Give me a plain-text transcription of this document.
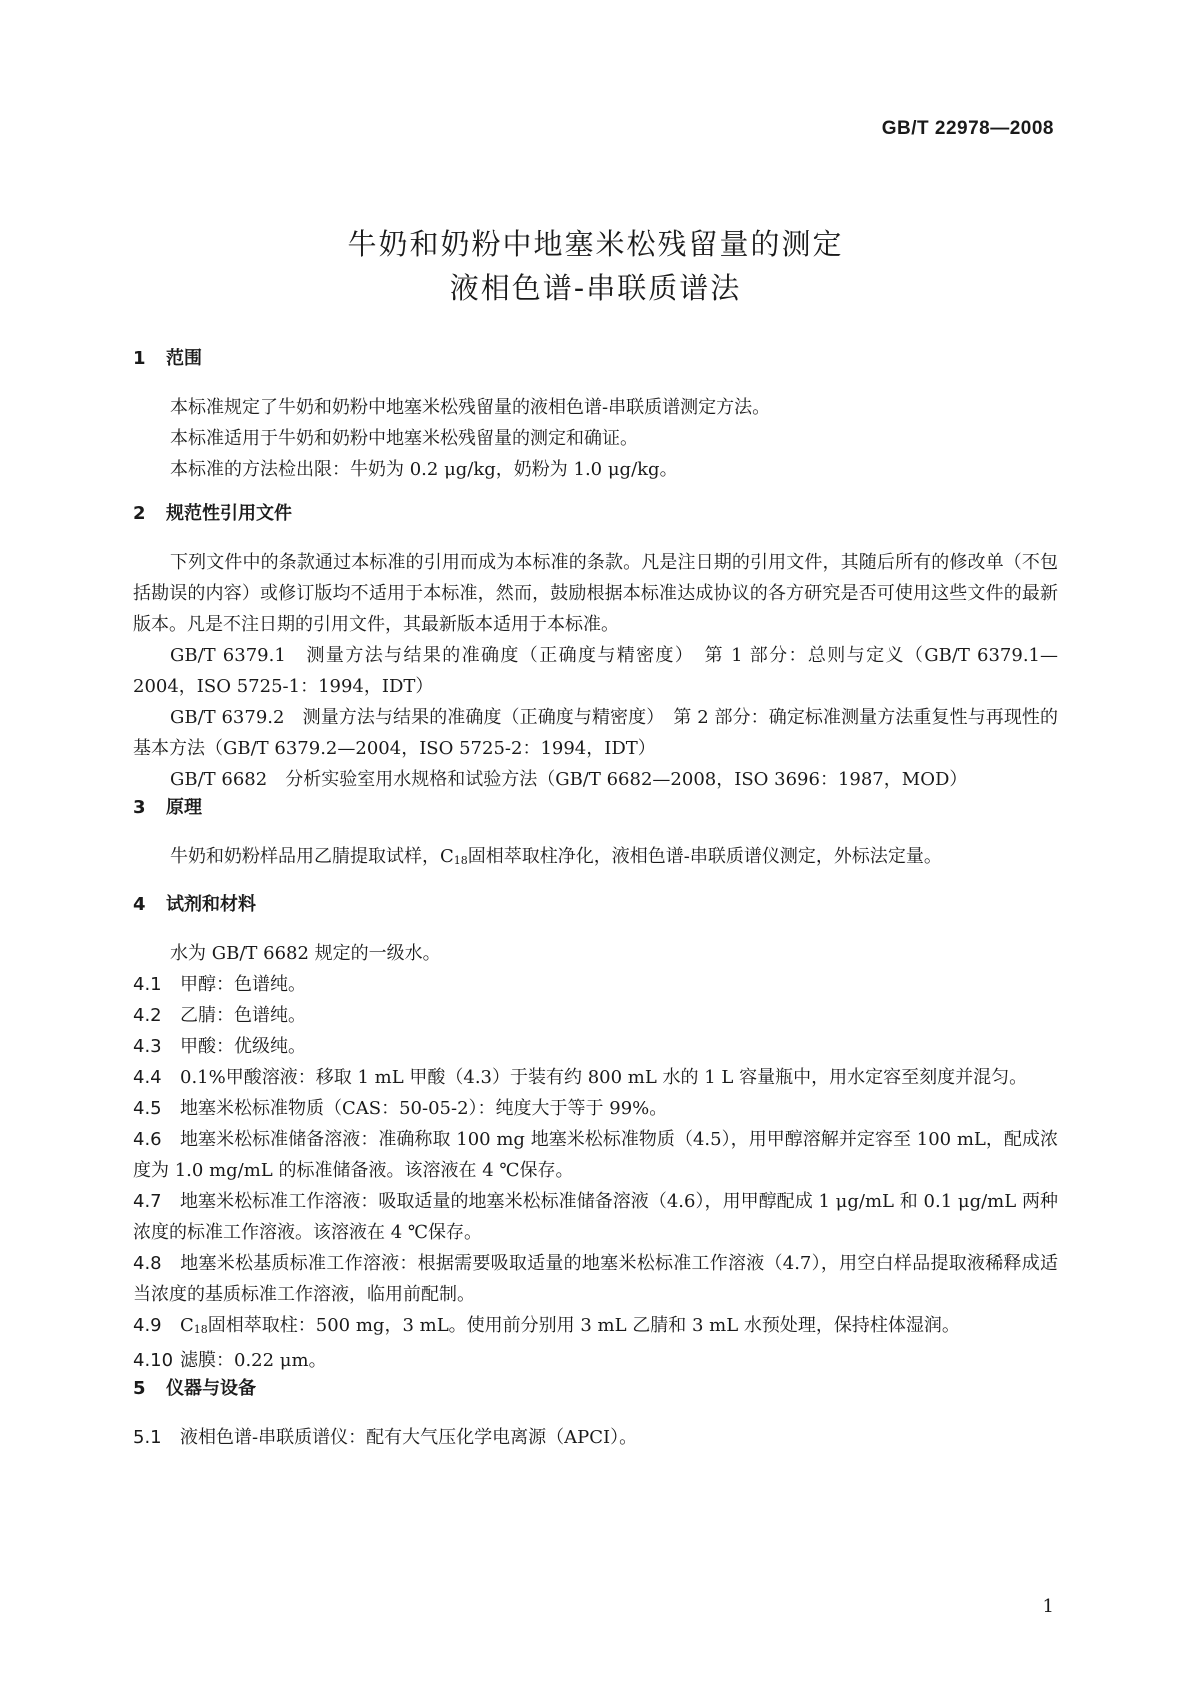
GB/T 22978—2008
牛奶和奶粉中地塞米松残留量的测定
液相色谱-串联质谱法
1 范围

本标准规定了牛奶和奶粉中地塞米松残留量的液相色谱-串联质谱测定方法。

本标准适用于牛奶和奶粉中地塞米松残留量的测定和确证。

本标准的方法检出限：牛奶为 0.2 μg/kg，奶粉为 1.0 μg/kg。

2 规范性引用文件

下列文件中的条款通过本标准的引用而成为本标准的条款。凡是注日期的引用文件，其随后所有的修改单（不包括勘误的内容）或修订版均不适用于本标准，然而，鼓励根据本标准达成协议的各方研究是否可使用这些文件的最新版本。凡是不注日期的引用文件，其最新版本适用于本标准。

GB/T 6379.1　测量方法与结果的准确度（正确度与精密度）　第 1 部分：总则与定义（GB/T 6379.1—2004，ISO 5725-1：1994，IDT）

GB/T 6379.2　测量方法与结果的准确度（正确度与精密度）　第 2 部分：确定标准测量方法重复性与再现性的基本方法（GB/T 6379.2—2004，ISO 5725-2：1994，IDT）

GB/T 6682　分析实验室用水规格和试验方法（GB/T 6682—2008，ISO 3696：1987，MOD）

3 原理

牛奶和奶粉样品用乙腈提取试样，$C_{18}$固相萃取柱净化，液相色谱-串联质谱仪测定，外标法定量。

4 试剂和材料

水为 GB/T 6682 规定的一级水。

4.1 甲醇：色谱纯。

4.2 乙腈：色谱纯。

4.3 甲酸：优级纯。

4.4 0.1%甲酸溶液：移取 1 mL 甲酸（4.3）于装有约 800 mL 水的 1 L 容量瓶中，用水定容至刻度并混匀。

4.5 地塞米松标准物质（CAS：50-05-2）：纯度大于等于 99%。

4.6 地塞米松标准储备溶液：准确称取 100 mg 地塞米松标准物质（4.5），用甲醇溶解并定容至 100 mL，配成浓度为 1.0 mg/mL 的标准储备液。该溶液在 4 ℃保存。

4.7 地塞米松标准工作溶液：吸取适量的地塞米松标准储备溶液（4.6），用甲醇配成 1 μg/mL 和 0.1 μg/mL 两种浓度的标准工作溶液。该溶液在 4 ℃保存。

4.8 地塞米松基质标准工作溶液：根据需要吸取适量的地塞米松标准工作溶液（4.7），用空白样品提取液稀释成适当浓度的基质标准工作溶液，临用前配制。

4.9 $C_{18}$固相萃取柱：500 mg，3 mL。使用前分别用 3 mL 乙腈和 3 mL 水预处理，保持柱体湿润。

4.10 滤膜：0.22 μm。

5 仪器与设备

5.1 液相色谱-串联质谱仪：配有大气压化学电离源（APCI）。

1
